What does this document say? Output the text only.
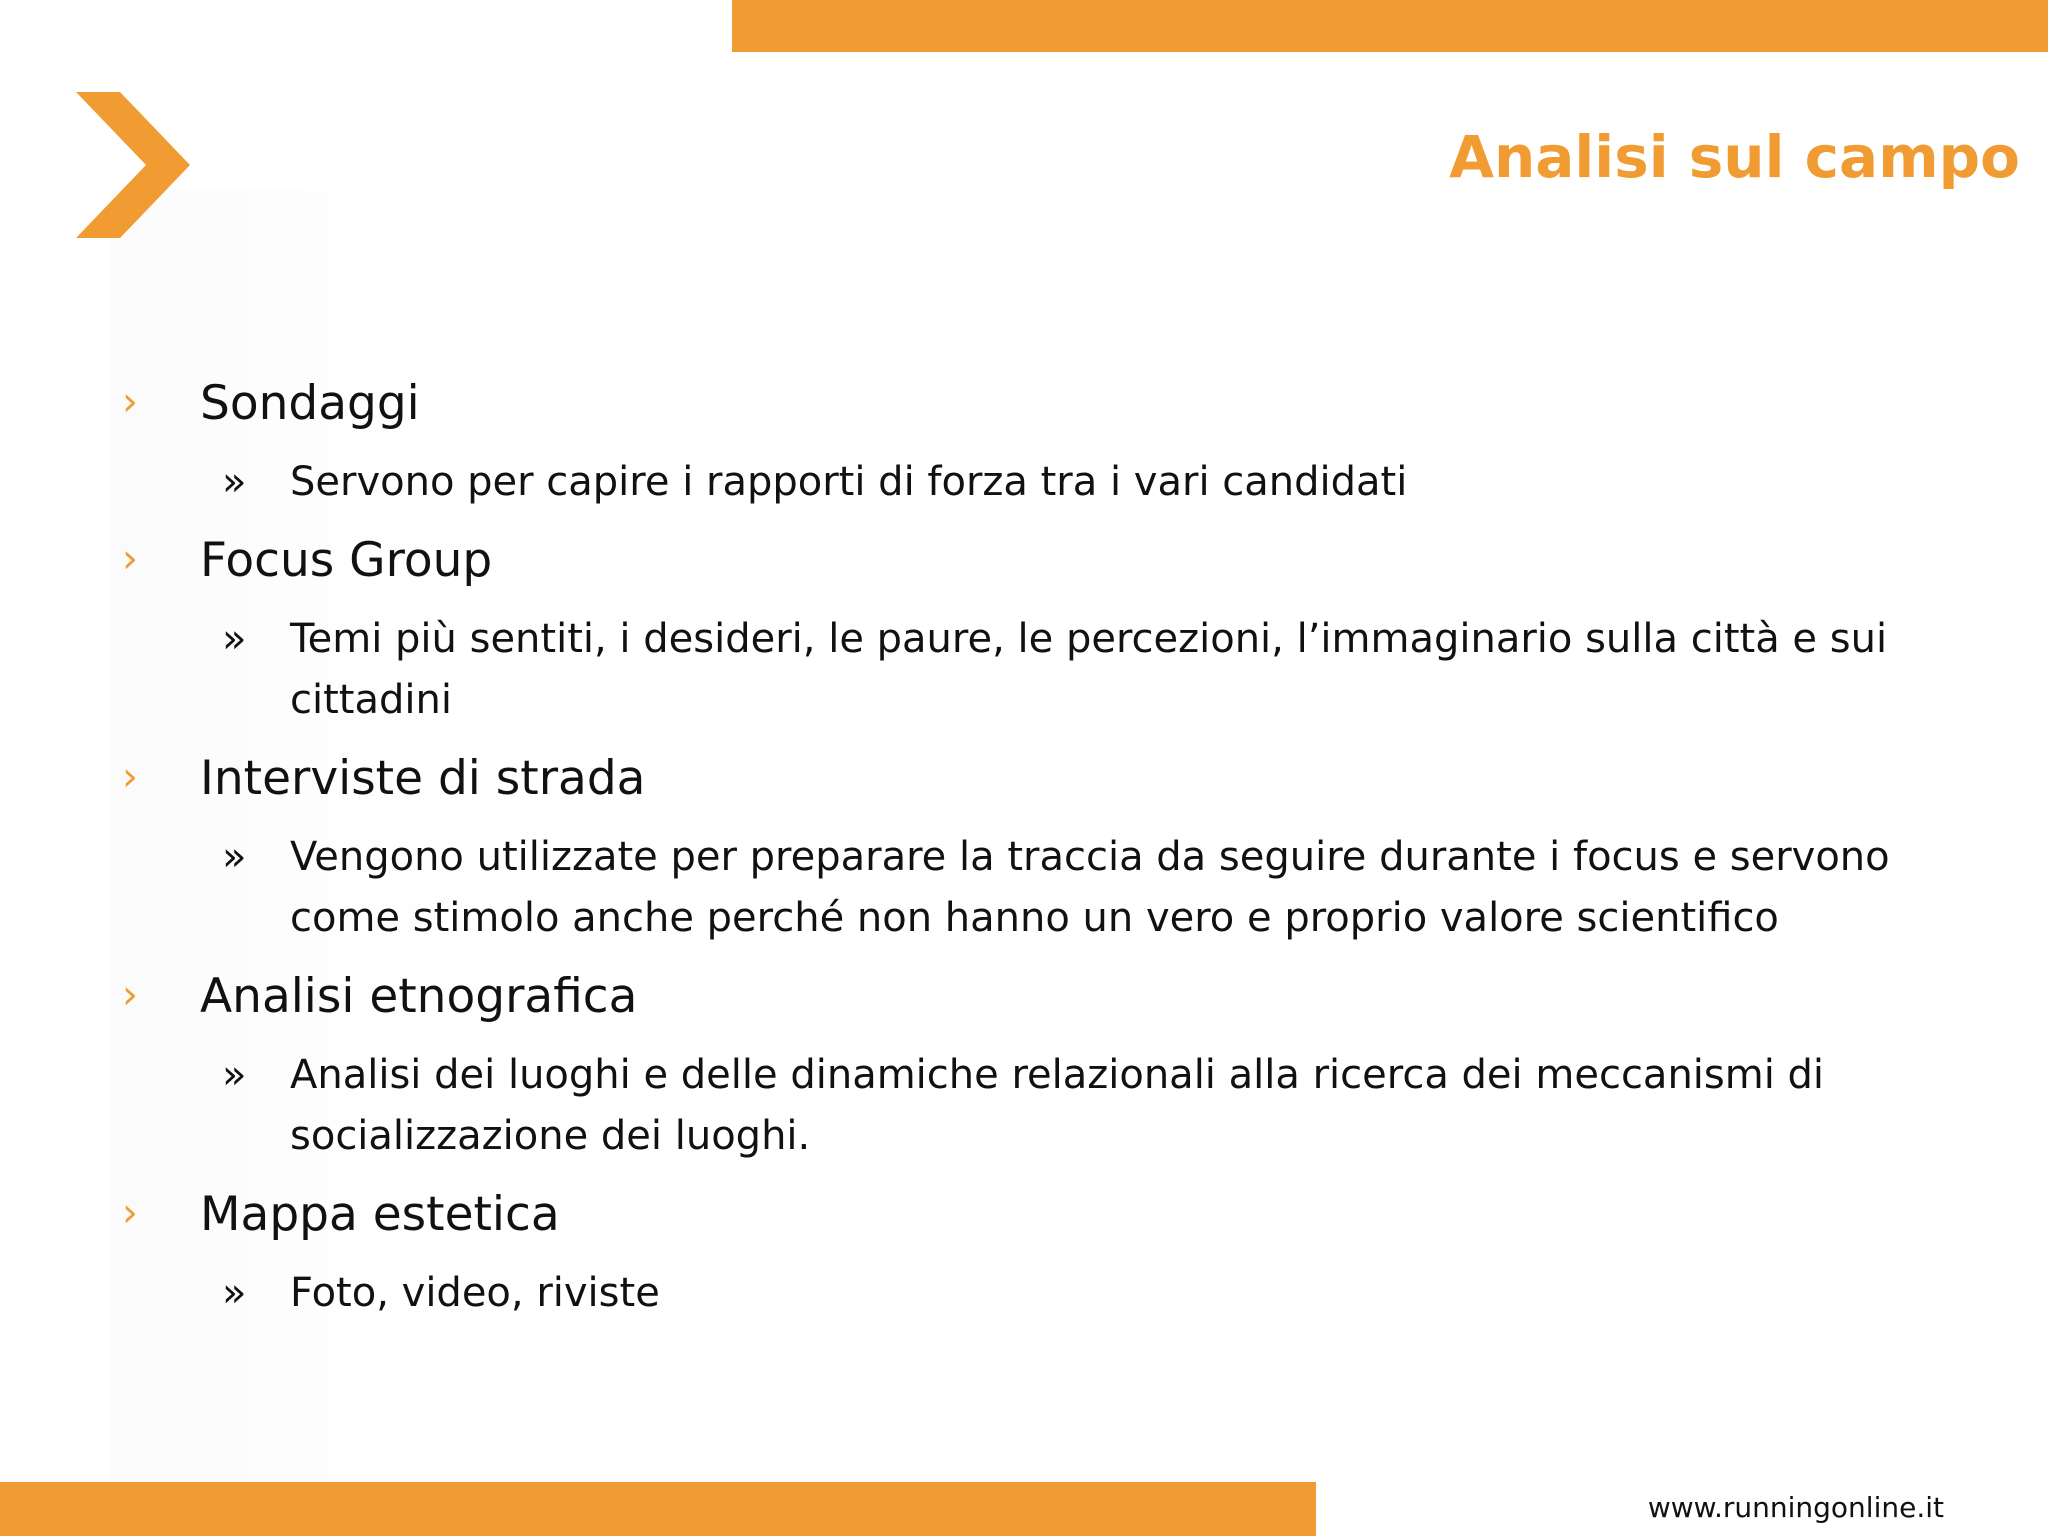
Analisi sul campo
› Sondaggi
» Servono per capire i rapporti di forza tra i vari candidati
› Focus Group
» Temi più sentiti, i desideri, le paure, le percezioni, l’immaginario sulla città e sui cittadini
› Interviste di strada
» Vengono utilizzate per preparare la traccia da seguire durante i focus e servono come stimolo anche perché non hanno un vero e proprio valore scientifico
› Analisi etnografica
» Analisi dei luoghi e delle dinamiche relazionali alla ricerca dei meccanismi di socializzazione dei luoghi.
› Mappa estetica
» Foto, video, riviste
www.runningonline.it
